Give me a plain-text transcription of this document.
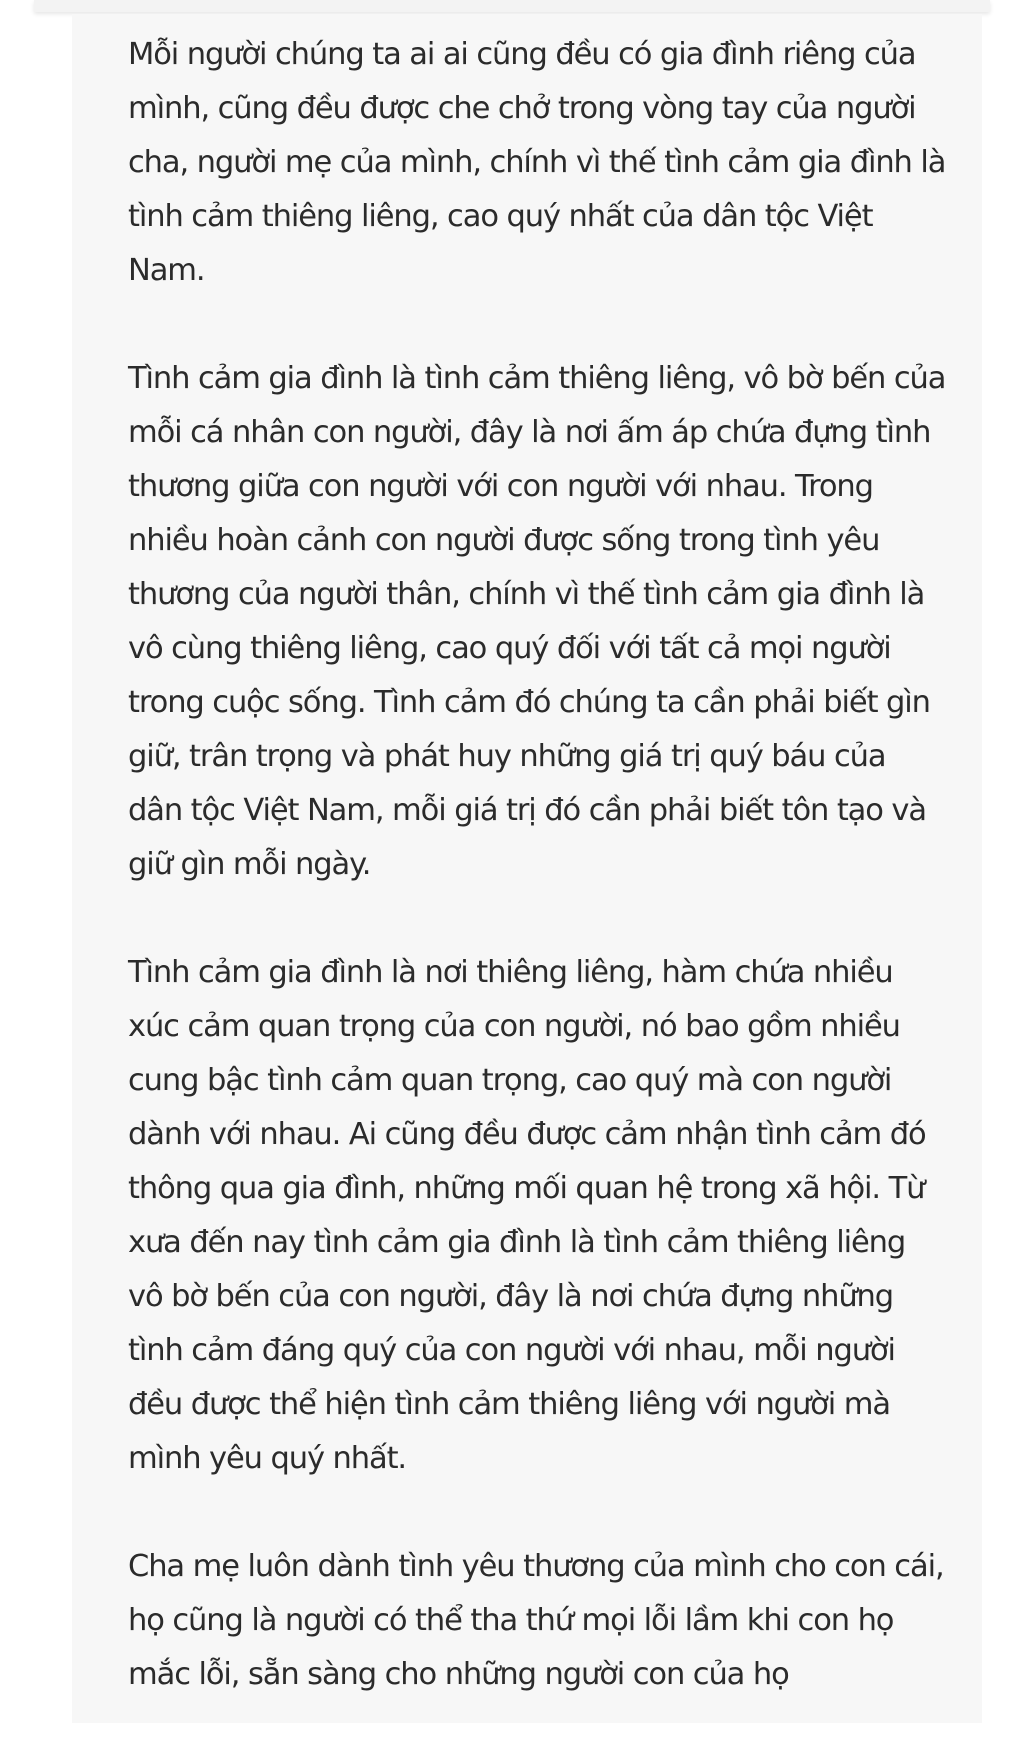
Mỗi người chúng ta ai ai cũng đều có gia đình riêng của mình, cũng đều được che chở trong vòng tay của người cha, người mẹ của mình, chính vì thế tình cảm gia đình là tình cảm thiêng liêng, cao quý nhất của dân tộc Việt Nam.

Tình cảm gia đình là tình cảm thiêng liêng, vô bờ bến của mỗi cá nhân con người, đây là nơi ấm áp chứa đựng tình thương giữa con người với con người với nhau. Trong nhiều hoàn cảnh con người được sống trong tình yêu thương của người thân, chính vì thế tình cảm gia đình là vô cùng thiêng liêng, cao quý đối với tất cả mọi người trong cuộc sống. Tình cảm đó chúng ta cần phải biết gìn giữ, trân trọng và phát huy những giá trị quý báu của dân tộc Việt Nam, mỗi giá trị đó cần phải biết tôn tạo và giữ gìn mỗi ngày.

Tình cảm gia đình là nơi thiêng liêng, hàm chứa nhiều xúc cảm quan trọng của con người, nó bao gồm nhiều cung bậc tình cảm quan trọng, cao quý mà con người dành với nhau. Ai cũng đều được cảm nhận tình cảm đó thông qua gia đình, những mối quan hệ trong xã hội. Từ xưa đến nay tình cảm gia đình là tình cảm thiêng liêng vô bờ bến của con người, đây là nơi chứa đựng những tình cảm đáng quý của con người với nhau, mỗi người đều được thể hiện tình cảm thiêng liêng với người mà mình yêu quý nhất.

Cha mẹ luôn dành tình yêu thương của mình cho con cái, họ cũng là người có thể tha thứ mọi lỗi lầm khi con họ mắc lỗi, sẵn sàng cho những người con của họ
